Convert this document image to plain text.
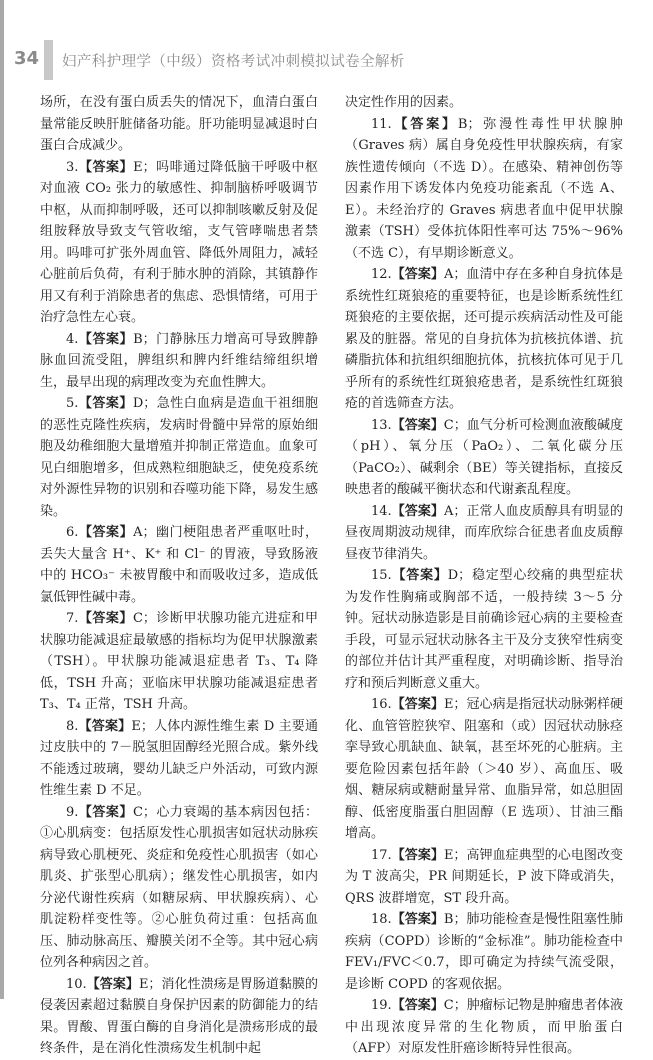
34 妇产科护理学（中级）资格考试冲刺模拟试卷全解析

场所，在没有蛋白质丢失的情况下，血清白蛋白量常能反映肝脏储备功能。肝功能明显减退时白蛋白合成减少。

3.【答案】E；吗啡通过降低脑干呼吸中枢对血液 CO₂ 张力的敏感性、抑制脑桥呼吸调节中枢，从而抑制呼吸，还可以抑制咳嗽反射及促组胺释放导致支气管收缩，支气管哮喘患者禁用。吗啡可扩张外周血管、降低外周阻力，减轻心脏前后负荷，有利于肺水肿的消除，其镇静作用又有利于消除患者的焦虑、恐惧情绪，可用于治疗急性左心衰。

4.【答案】B；门静脉压力增高可导致脾静脉血回流受阻，脾组织和脾内纤维结缔组织增生，最早出现的病理改变为充血性脾大。

5.【答案】D；急性白血病是造血干祖细胞的恶性克隆性疾病，发病时骨髓中异常的原始细胞及幼稚细胞大量增殖并抑制正常造血。血象可见白细胞增多，但成熟粒细胞缺乏，使免疫系统对外源性异物的识别和吞噬功能下降，易发生感染。

6.【答案】A；幽门梗阻患者严重呕吐时，丢失大量含 H⁺、K⁺ 和 Cl⁻ 的胃液，导致肠液中的 HCO₃⁻ 未被胃酸中和而吸收过多，造成低氯低钾性碱中毒。

7.【答案】C；诊断甲状腺功能亢进症和甲状腺功能减退症最敏感的指标均为促甲状腺激素（TSH）。甲状腺功能减退症患者 T₃、T₄ 降低，TSH 升高；亚临床甲状腺功能减退症患者 T₃、T₄ 正常，TSH 升高。

8.【答案】E；人体内源性维生素 D 主要通过皮肤中的 7－脱氢胆固醇经光照合成。紫外线不能透过玻璃，婴幼儿缺乏户外活动，可致内源性维生素 D 不足。

9.【答案】C；心力衰竭的基本病因包括：①心肌病变：包括原发性心肌损害如冠状动脉疾病导致心肌梗死、炎症和免疫性心肌损害（如心肌炎、扩张型心肌病）；继发性心肌损害，如内分泌代谢性疾病（如糖尿病、甲状腺疾病）、心肌淀粉样变性等。②心脏负荷过重：包括高血压、肺动脉高压、瓣膜关闭不全等。其中冠心病位列各种病因之首。

10.【答案】E；消化性溃疡是胃肠道黏膜的侵袭因素超过黏膜自身保护因素的防御能力的结果。胃酸、胃蛋白酶的自身消化是溃疡形成的最终条件，是在消化性溃疡发生机制中起

决定性作用的因素。

11.【答案】B；弥漫性毒性甲状腺肿（Graves 病）属自身免疫性甲状腺疾病，有家族性遗传倾向（不选 D）。在感染、精神创伤等因素作用下诱发体内免疫功能紊乱（不选 A、E）。未经治疗的 Graves 病患者血中促甲状腺激素（TSH）受体抗体阳性率可达 75%～96%（不选 C），有早期诊断意义。

12.【答案】A；血清中存在多种自身抗体是系统性红斑狼疮的重要特征，也是诊断系统性红斑狼疮的主要依据，还可提示疾病活动性及可能累及的脏器。常见的自身抗体为抗核抗体谱、抗磷脂抗体和抗组织细胞抗体，抗核抗体可见于几乎所有的系统性红斑狼疮患者，是系统性红斑狼疮的首选筛查方法。

13.【答案】C；血气分析可检测血液酸碱度（pH）、氧分压（PaO₂）、二氧化碳分压（PaCO₂）、碱剩余（BE）等关键指标，直接反映患者的酸碱平衡状态和代谢紊乱程度。

14.【答案】A；正常人血皮质醇具有明显的昼夜周期波动规律，而库欣综合征患者血皮质醇昼夜节律消失。

15.【答案】D；稳定型心绞痛的典型症状为发作性胸痛或胸部不适，一般持续 3～5 分钟。冠状动脉造影是目前确诊冠心病的主要检查手段，可显示冠状动脉各主干及分支狭窄性病变的部位并估计其严重程度，对明确诊断、指导治疗和预后判断意义重大。

16.【答案】E；冠心病是指冠状动脉粥样硬化、血管管腔狭窄、阻塞和（或）因冠状动脉痉挛导致心肌缺血、缺氧，甚至坏死的心脏病。主要危险因素包括年龄（＞40 岁）、高血压、吸烟、糖尿病或糖耐量异常、血脂异常，如总胆固醇、低密度脂蛋白胆固醇（E 选项）、甘油三酯增高。

17.【答案】E；高钾血症典型的心电图改变为 T 波高尖，PR 间期延长，P 波下降或消失，QRS 波群增宽，ST 段升高。

18.【答案】B；肺功能检查是慢性阻塞性肺疾病（COPD）诊断的“金标准”。肺功能检查中 FEV₁/FVC＜0.7，即可确定为持续气流受限，是诊断 COPD 的客观依据。

19.【答案】C；肿瘤标记物是肿瘤患者体液中出现浓度异常的生化物质，而甲胎蛋白（AFP）对原发性肝癌诊断特异性很高。
